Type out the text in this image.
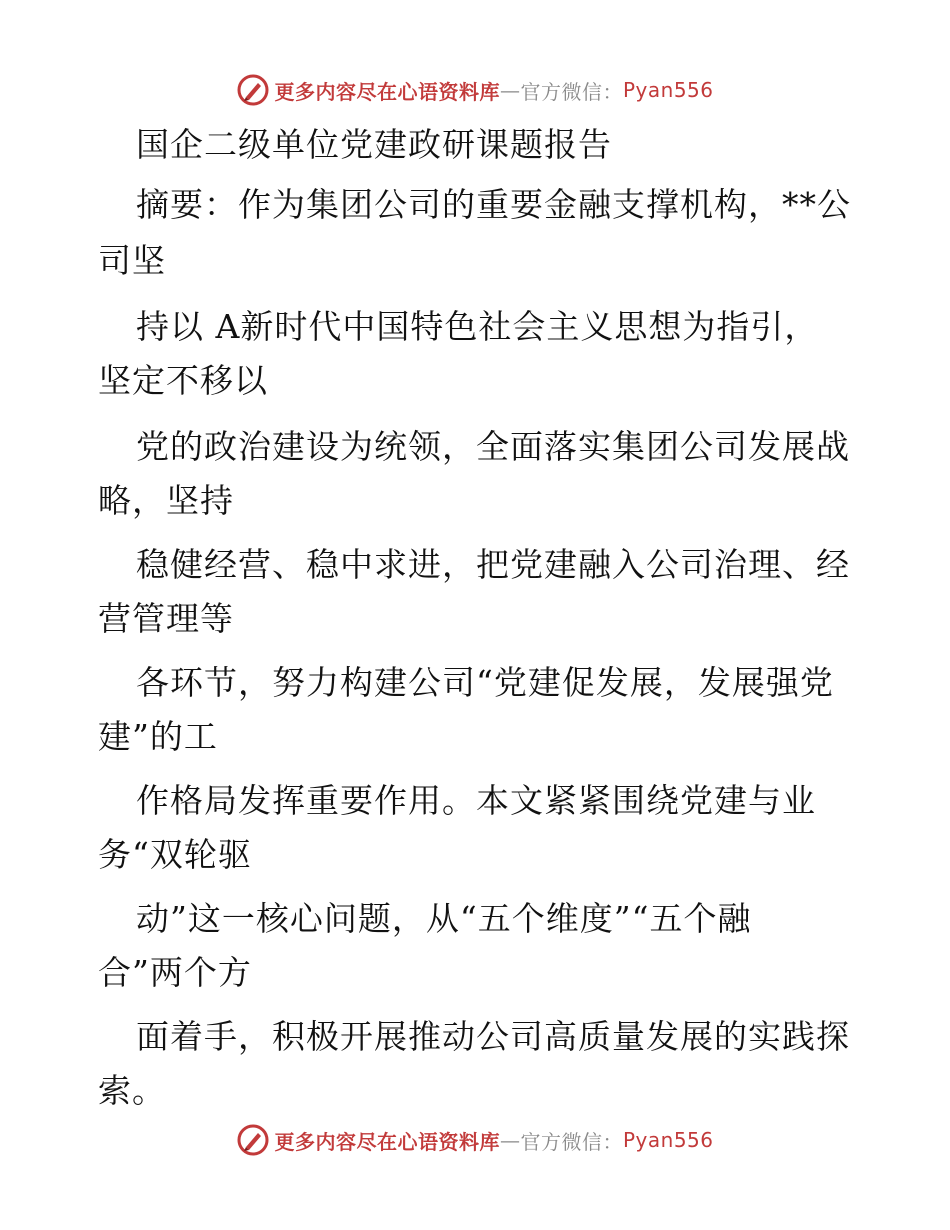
更多内容尽在心语资料库 — 官方微信： Pyan556
国企二级单位党建政研课题报告
摘要：作为集团公司的重要金融支撑机构，**公
司坚
持以 A新时代中国特色社会主义思想为指引，
坚定不移以
党的政治建设为统领，全面落实集团公司发展战
略，坚持
稳健经营、稳中求进，把党建融入公司治理、经
营管理等
各环节，努力构建公司“党建促发展，发展强党
建”的工
作格局发挥重要作用。本文紧紧围绕党建与业
务“双轮驱
动”这一核心问题，从“五个维度”“五个融
合”两个方
面着手，积极开展推动公司高质量发展的实践探
索。
更多内容尽在心语资料库 — 官方微信： Pyan556
